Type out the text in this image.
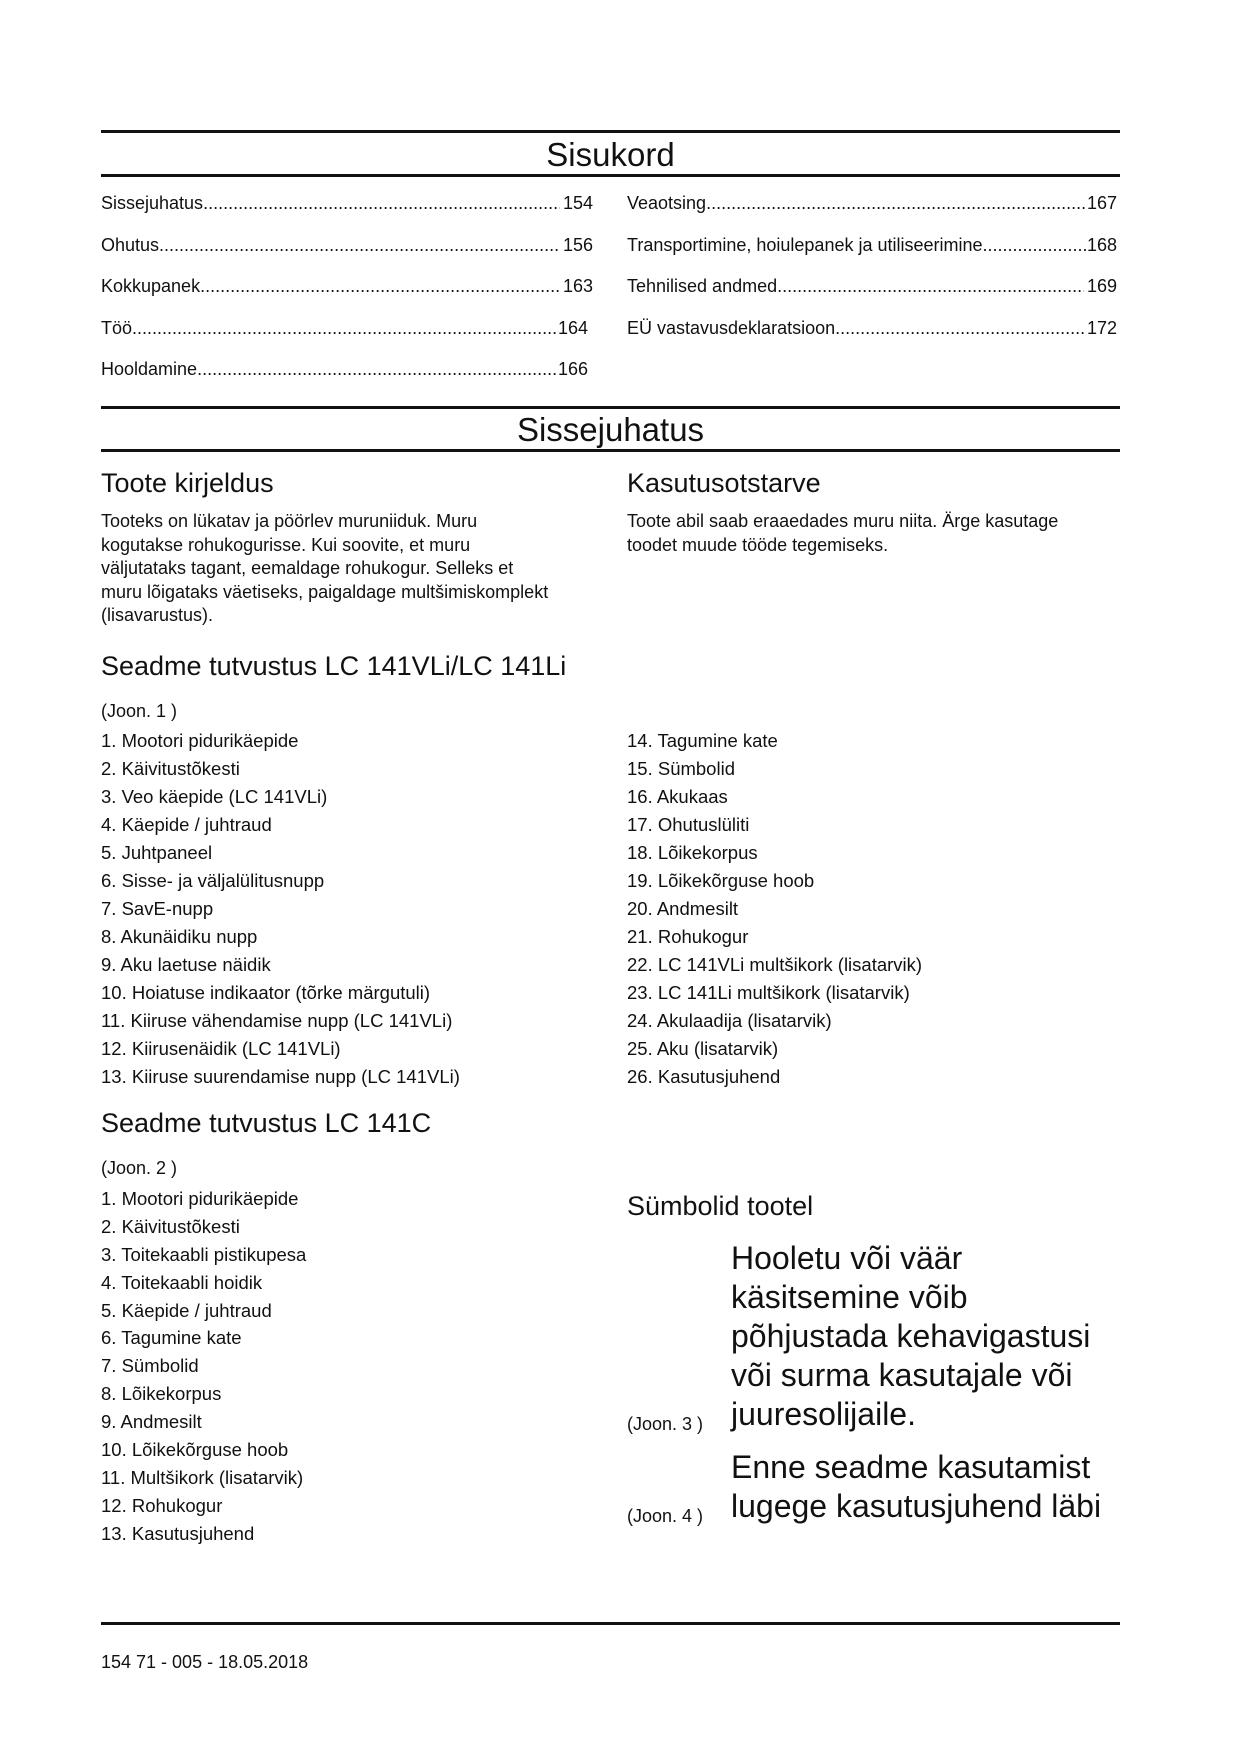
Sisukord
Sissejuhatus .....	154
Ohutus .....	156
Kokkupanek .....	163
Töö .....	164
Hooldamine .....	166
Veaotsing .....	167
Transportimine, hoiulepanek ja utiliseerimine .....	168
Tehnilised andmed .....	169
EÜ vastavusdeklaratsioon .....	172
Sissejuhatus
Toote kirjeldus
Tooteks on lükatav ja pöörlev muruniiduk. Muru
kogutakse rohukogurisse. Kui soovite, et muru
väljutataks tagant, eemaldage rohukogur. Selleks et
muru lõigataks väetiseks, paigaldage multšimiskomplekt
(lisavarustus).
Kasutusotstarve
Toote abil saab eraaedades muru niita. Ärge kasutage
toodet muude tööde tegemiseks.
Seadme tutvustus LC 141VLi/LC 141Li
(Joon. 1 )
1. Mootori pidurikäepide
2. Käivitustõkesti
3. Veo käepide (LC 141VLi)
4. Käepide / juhtraud
5. Juhtpaneel
6. Sisse- ja väljalülitusnupp
7. SavE-nupp
8. Akunäidiku nupp
9. Aku laetuse näidik
10. Hoiatuse indikaator (tõrke märgutuli)
11. Kiiruse vähendamise nupp (LC 141VLi)
12. Kiirusenäidik (LC 141VLi)
13. Kiiruse suurendamise nupp (LC 141VLi)
14. Tagumine kate
15. Sümbolid
16. Akukaas
17. Ohutuslüliti
18. Lõikekorpus
19. Lõikekõrguse hoob
20. Andmesilt
21. Rohukogur
22. LC 141VLi multšikork (lisatarvik)
23. LC 141Li multšikork (lisatarvik)
24. Akulaadija (lisatarvik)
25. Aku (lisatarvik)
26. Kasutusjuhend
Seadme tutvustus LC 141C
(Joon. 2 )
1. Mootori pidurikäepide
2. Käivitustõkesti
3. Toitekaabli pistikupesa
4. Toitekaabli hoidik
5. Käepide / juhtraud
6. Tagumine kate
7. Sümbolid
8. Lõikekorpus
9. Andmesilt
10. Lõikekõrguse hoob
11. Multšikork (lisatarvik)
12. Rohukogur
13. Kasutusjuhend
Sümbolid tootel
Hooletu või väär
käsitsemine võib
põhjustada kehavigastusi
või surma kasutajale või
juuresolijaile.
(Joon. 3 )
Enne seadme kasutamist
lugege kasutusjuhend läbi
(Joon. 4 )
154 71 - 005 - 18.05.2018
